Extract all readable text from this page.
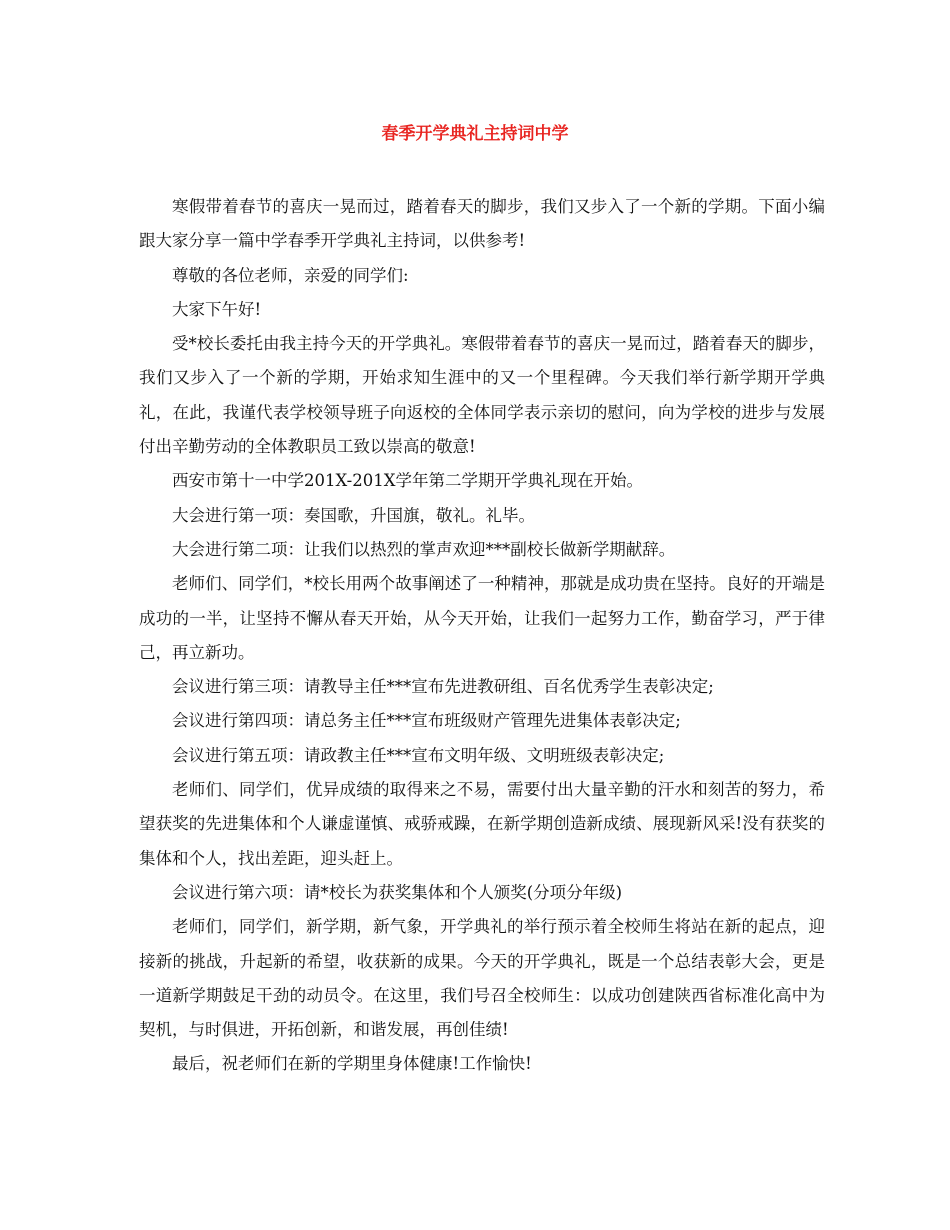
春季开学典礼主持词中学

寒假带着春节的喜庆一晃而过，踏着春天的脚步，我们又步入了一个新的学期。下面小编跟大家分享一篇中学春季开学典礼主持词，以供参考!

尊敬的各位老师，亲爱的同学们:

大家下午好!

受*校长委托由我主持今天的开学典礼。寒假带着春节的喜庆一晃而过，踏着春天的脚步，我们又步入了一个新的学期，开始求知生涯中的又一个里程碑。今天我们举行新学期开学典礼，在此，我谨代表学校领导班子向返校的全体同学表示亲切的慰问，向为学校的进步与发展付出辛勤劳动的全体教职员工致以崇高的敬意!

西安市第十一中学201X-201X学年第二学期开学典礼现在开始。

大会进行第一项：奏国歌，升国旗，敬礼。礼毕。

大会进行第二项：让我们以热烈的掌声欢迎***副校长做新学期献辞。

老师们、同学们，*校长用两个故事阐述了一种精神，那就是成功贵在坚持。良好的开端是成功的一半，让坚持不懈从春天开始，从今天开始，让我们一起努力工作，勤奋学习，严于律己，再立新功。

会议进行第三项：请教导主任***宣布先进教研组、百名优秀学生表彰决定;

会议进行第四项：请总务主任***宣布班级财产管理先进集体表彰决定;

会议进行第五项：请政教主任***宣布文明年级、文明班级表彰决定;

老师们、同学们，优异成绩的取得来之不易，需要付出大量辛勤的汗水和刻苦的努力，希望获奖的先进集体和个人谦虚谨慎、戒骄戒躁，在新学期创造新成绩、展现新风采!没有获奖的集体和个人，找出差距，迎头赶上。

会议进行第六项：请*校长为获奖集体和个人颁奖(分项分年级)

老师们，同学们，新学期，新气象，开学典礼的举行预示着全校师生将站在新的起点，迎接新的挑战，升起新的希望，收获新的成果。今天的开学典礼，既是一个总结表彰大会，更是一道新学期鼓足干劲的动员令。在这里，我们号召全校师生：以成功创建陕西省标准化高中为契机，与时俱进，开拓创新，和谐发展，再创佳绩!

最后，祝老师们在新的学期里身体健康!工作愉快!
